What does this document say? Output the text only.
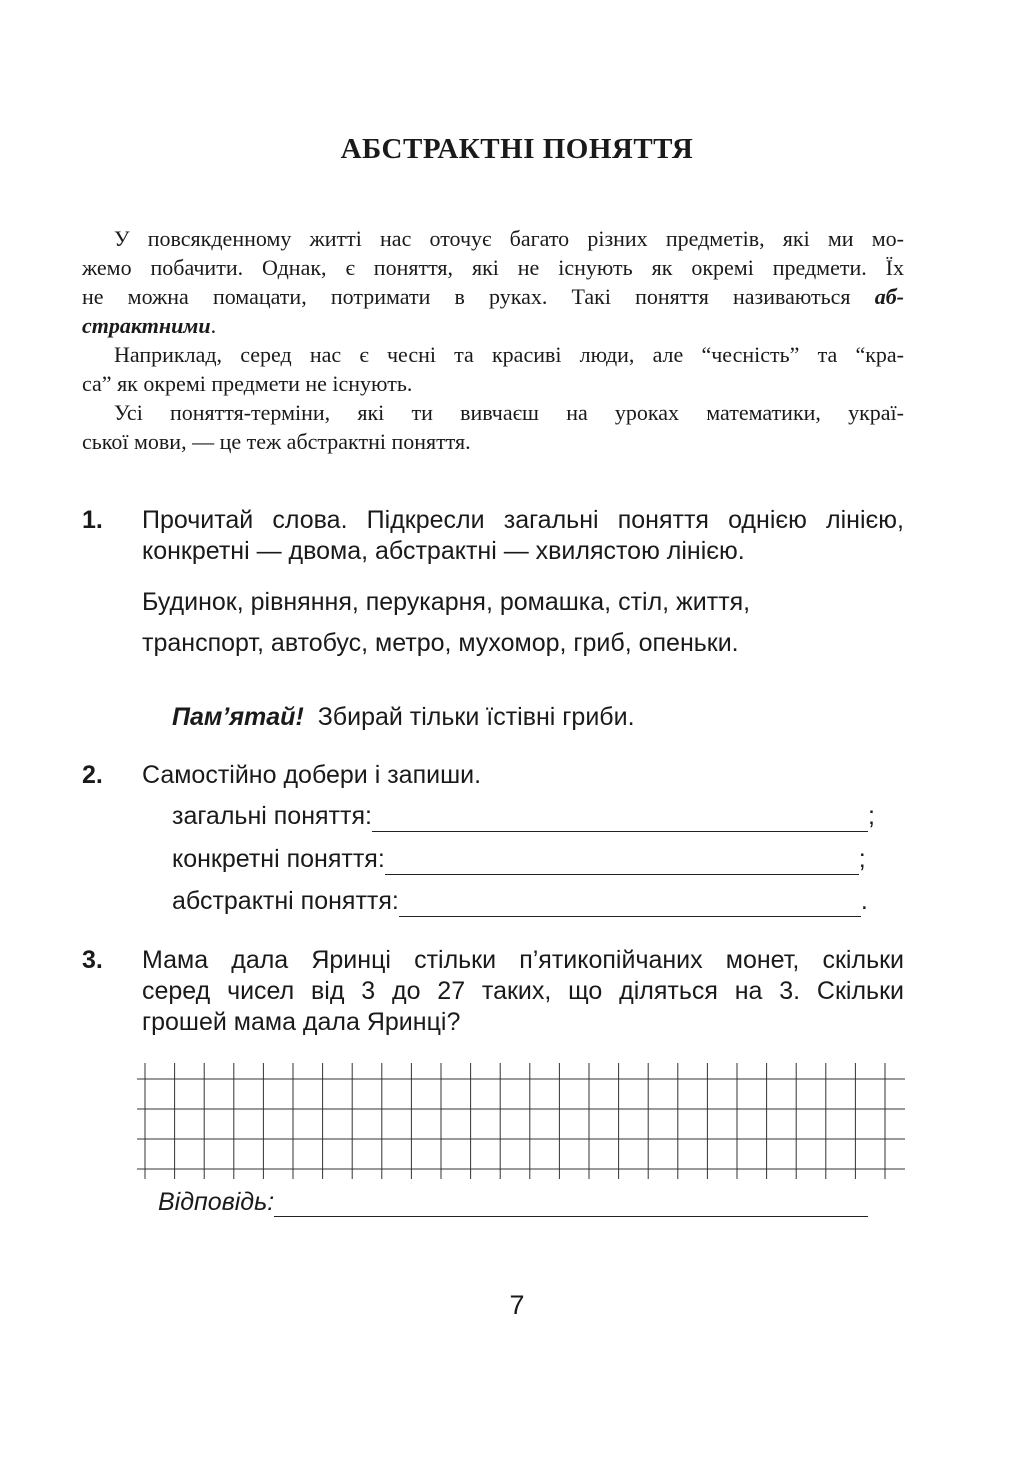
АБСТРАКТНІ ПОНЯТТЯ

У повсякденному житті нас оточує багато різних предметів, які ми мо-

жемо побачити. Однак, є поняття, які не існують як окремі предмети. Їх

не можна помацати, потримати в руках. Такі поняття називаються аб-

страктними.

Наприклад, серед нас є чесні та красиві люди, але “чесність” та “кра-

са” як окремі предмети не існують.

Усі поняття-терміни, які ти вивчаєш на уроках математики, украї-

ської мови, — це теж абстрактні поняття.

1. Прочитай слова. Підкресли загальні поняття однією лінією,
конкретні — двома, абстрактні — хвилястою лінією.
Будинок, рівняння, перукарня, ромашка, стіл, життя,
транспорт, автобус, метро, мухомор, гриб, опеньки.
Пам’ятай! Збирай тільки їстівні гриби.
2. Самостійно добери і запиши.
загальні поняття:	;
конкретні поняття:	;
абстрактні поняття:	.
3. Мама дала Яринці стільки п’ятикопійчаних монет, скільки
серед чисел від 3 до 27 таких, що діляться на 3. Скільки
грошей мама дала Яринці?
Відповідь:
7
